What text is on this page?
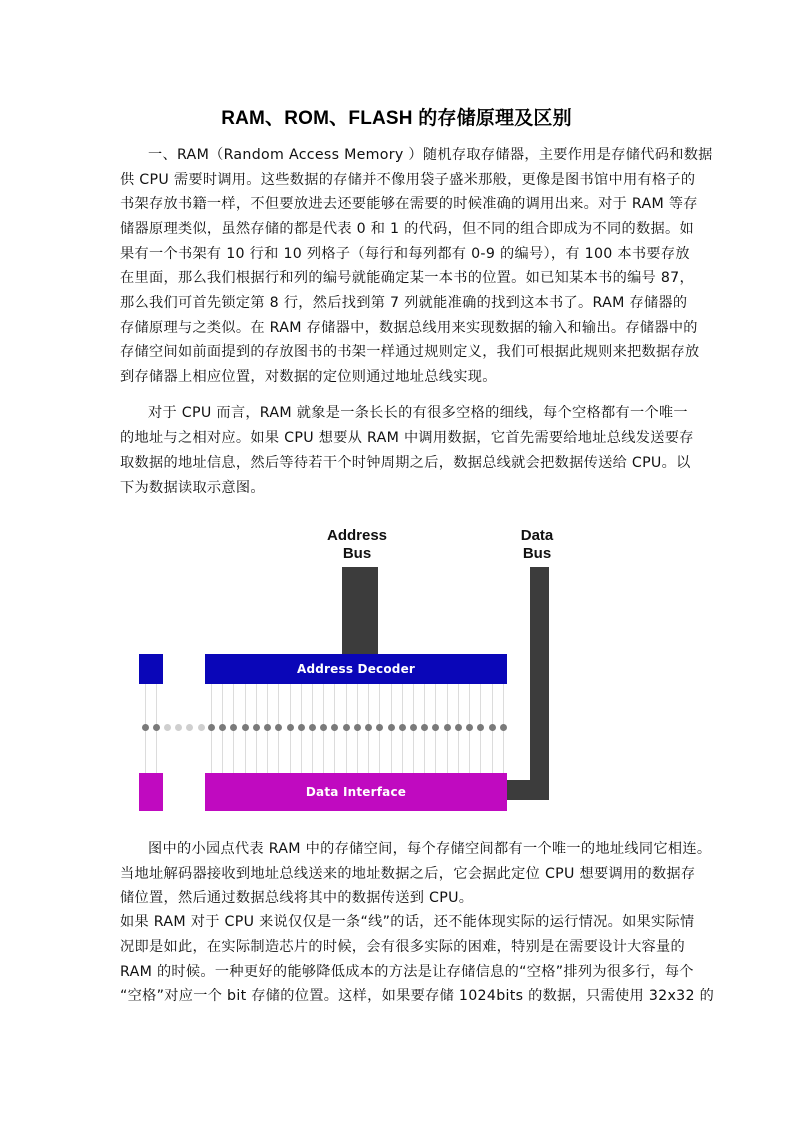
RAM、ROM、FLASH 的存储原理及区别
一、RAM（Random Access Memory ）随机存取存储器，主要作用是存储代码和数据
供 CPU 需要时调用。这些数据的存储并不像用袋子盛米那般，更像是图书馆中用有格子的
书架存放书籍一样，不但要放进去还要能够在需要的时候准确的调用出来。对于 RAM 等存
储器原理类似，虽然存储的都是代表 0 和 1 的代码，但不同的组合即成为不同的数据。如
果有一个书架有 10 行和 10 列格子（每行和每列都有 0-9 的编号），有 100 本书要存放
在里面，那么我们根据行和列的编号就能确定某一本书的位置。如已知某本书的编号 87，
那么我们可首先锁定第 8 行，然后找到第 7 列就能准确的找到这本书了。RAM 存储器的
存储原理与之类似。在 RAM 存储器中，数据总线用来实现数据的输入和输出。存储器中的
存储空间如前面提到的存放图书的书架一样通过规则定义，我们可根据此规则来把数据存放
到存储器上相应位置，对数据的定位则通过地址总线实现。
对于 CPU 而言，RAM 就象是一条长长的有很多空格的细线，每个空格都有一个唯一
的地址与之相对应。如果 CPU 想要从 RAM 中调用数据，它首先需要给地址总线发送要存
取数据的地址信息，然后等待若干个时钟周期之后，数据总线就会把数据传送给 CPU。以
下为数据读取示意图。
Address
Bus
Data
Bus
Address Decoder
Data Interface
图中的小园点代表 RAM 中的存储空间，每个存储空间都有一个唯一的地址线同它相连。
当地址解码器接收到地址总线送来的地址数据之后，它会据此定位 CPU 想要调用的数据存
储位置，然后通过数据总线将其中的数据传送到 CPU。
如果 RAM 对于 CPU 来说仅仅是一条“线”的话，还不能体现实际的运行情况。如果实际情
况即是如此，在实际制造芯片的时候，会有很多实际的困难，特别是在需要设计大容量的
RAM 的时候。一种更好的能够降低成本的方法是让存储信息的“空格”排列为很多行，每个
“空格”对应一个 bit 存储的位置。这样，如果要存储 1024bits 的数据，只需使用 32x32 的
